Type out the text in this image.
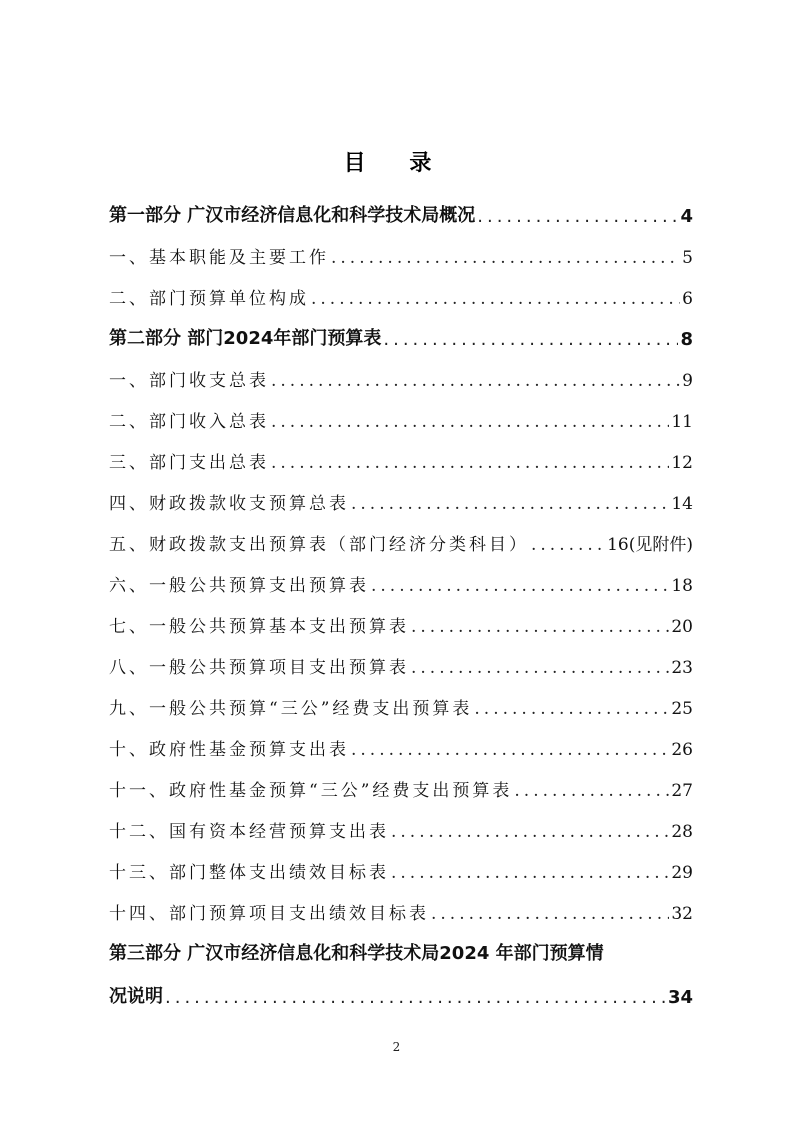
目 录
第一部分 广汉市经济信息化和科学技术局概况 .....	4
一、基本职能及主要工作 .....	5
二、部门预算单位构成 .....	6
第二部分 部门2024年部门预算表 .....	8
一、部门收支总表 .....	9
二、部门收入总表 .....	11
三、部门支出总表 .....	12
四、财政拨款收支预算总表 .....	14
五、财政拨款支出预算表（部门经济分类科目） .....	16(见附件)
六、一般公共预算支出预算表 .....	18
七、一般公共预算基本支出预算表 .....	20
八、一般公共预算项目支出预算表 .....	23
九、一般公共预算“三公”经费支出预算表 .....	25
十、政府性基金预算支出表 .....	26
十一、政府性基金预算“三公”经费支出预算表 .....	27
十二、国有资本经营预算支出表 .....	28
十三、部门整体支出绩效目标表 .....	29
十四、部门预算项目支出绩效目标表 .....	32
第三部分 广汉市经济信息化和科学技术局2024 年部门预算情
况说明 .....	34
2
